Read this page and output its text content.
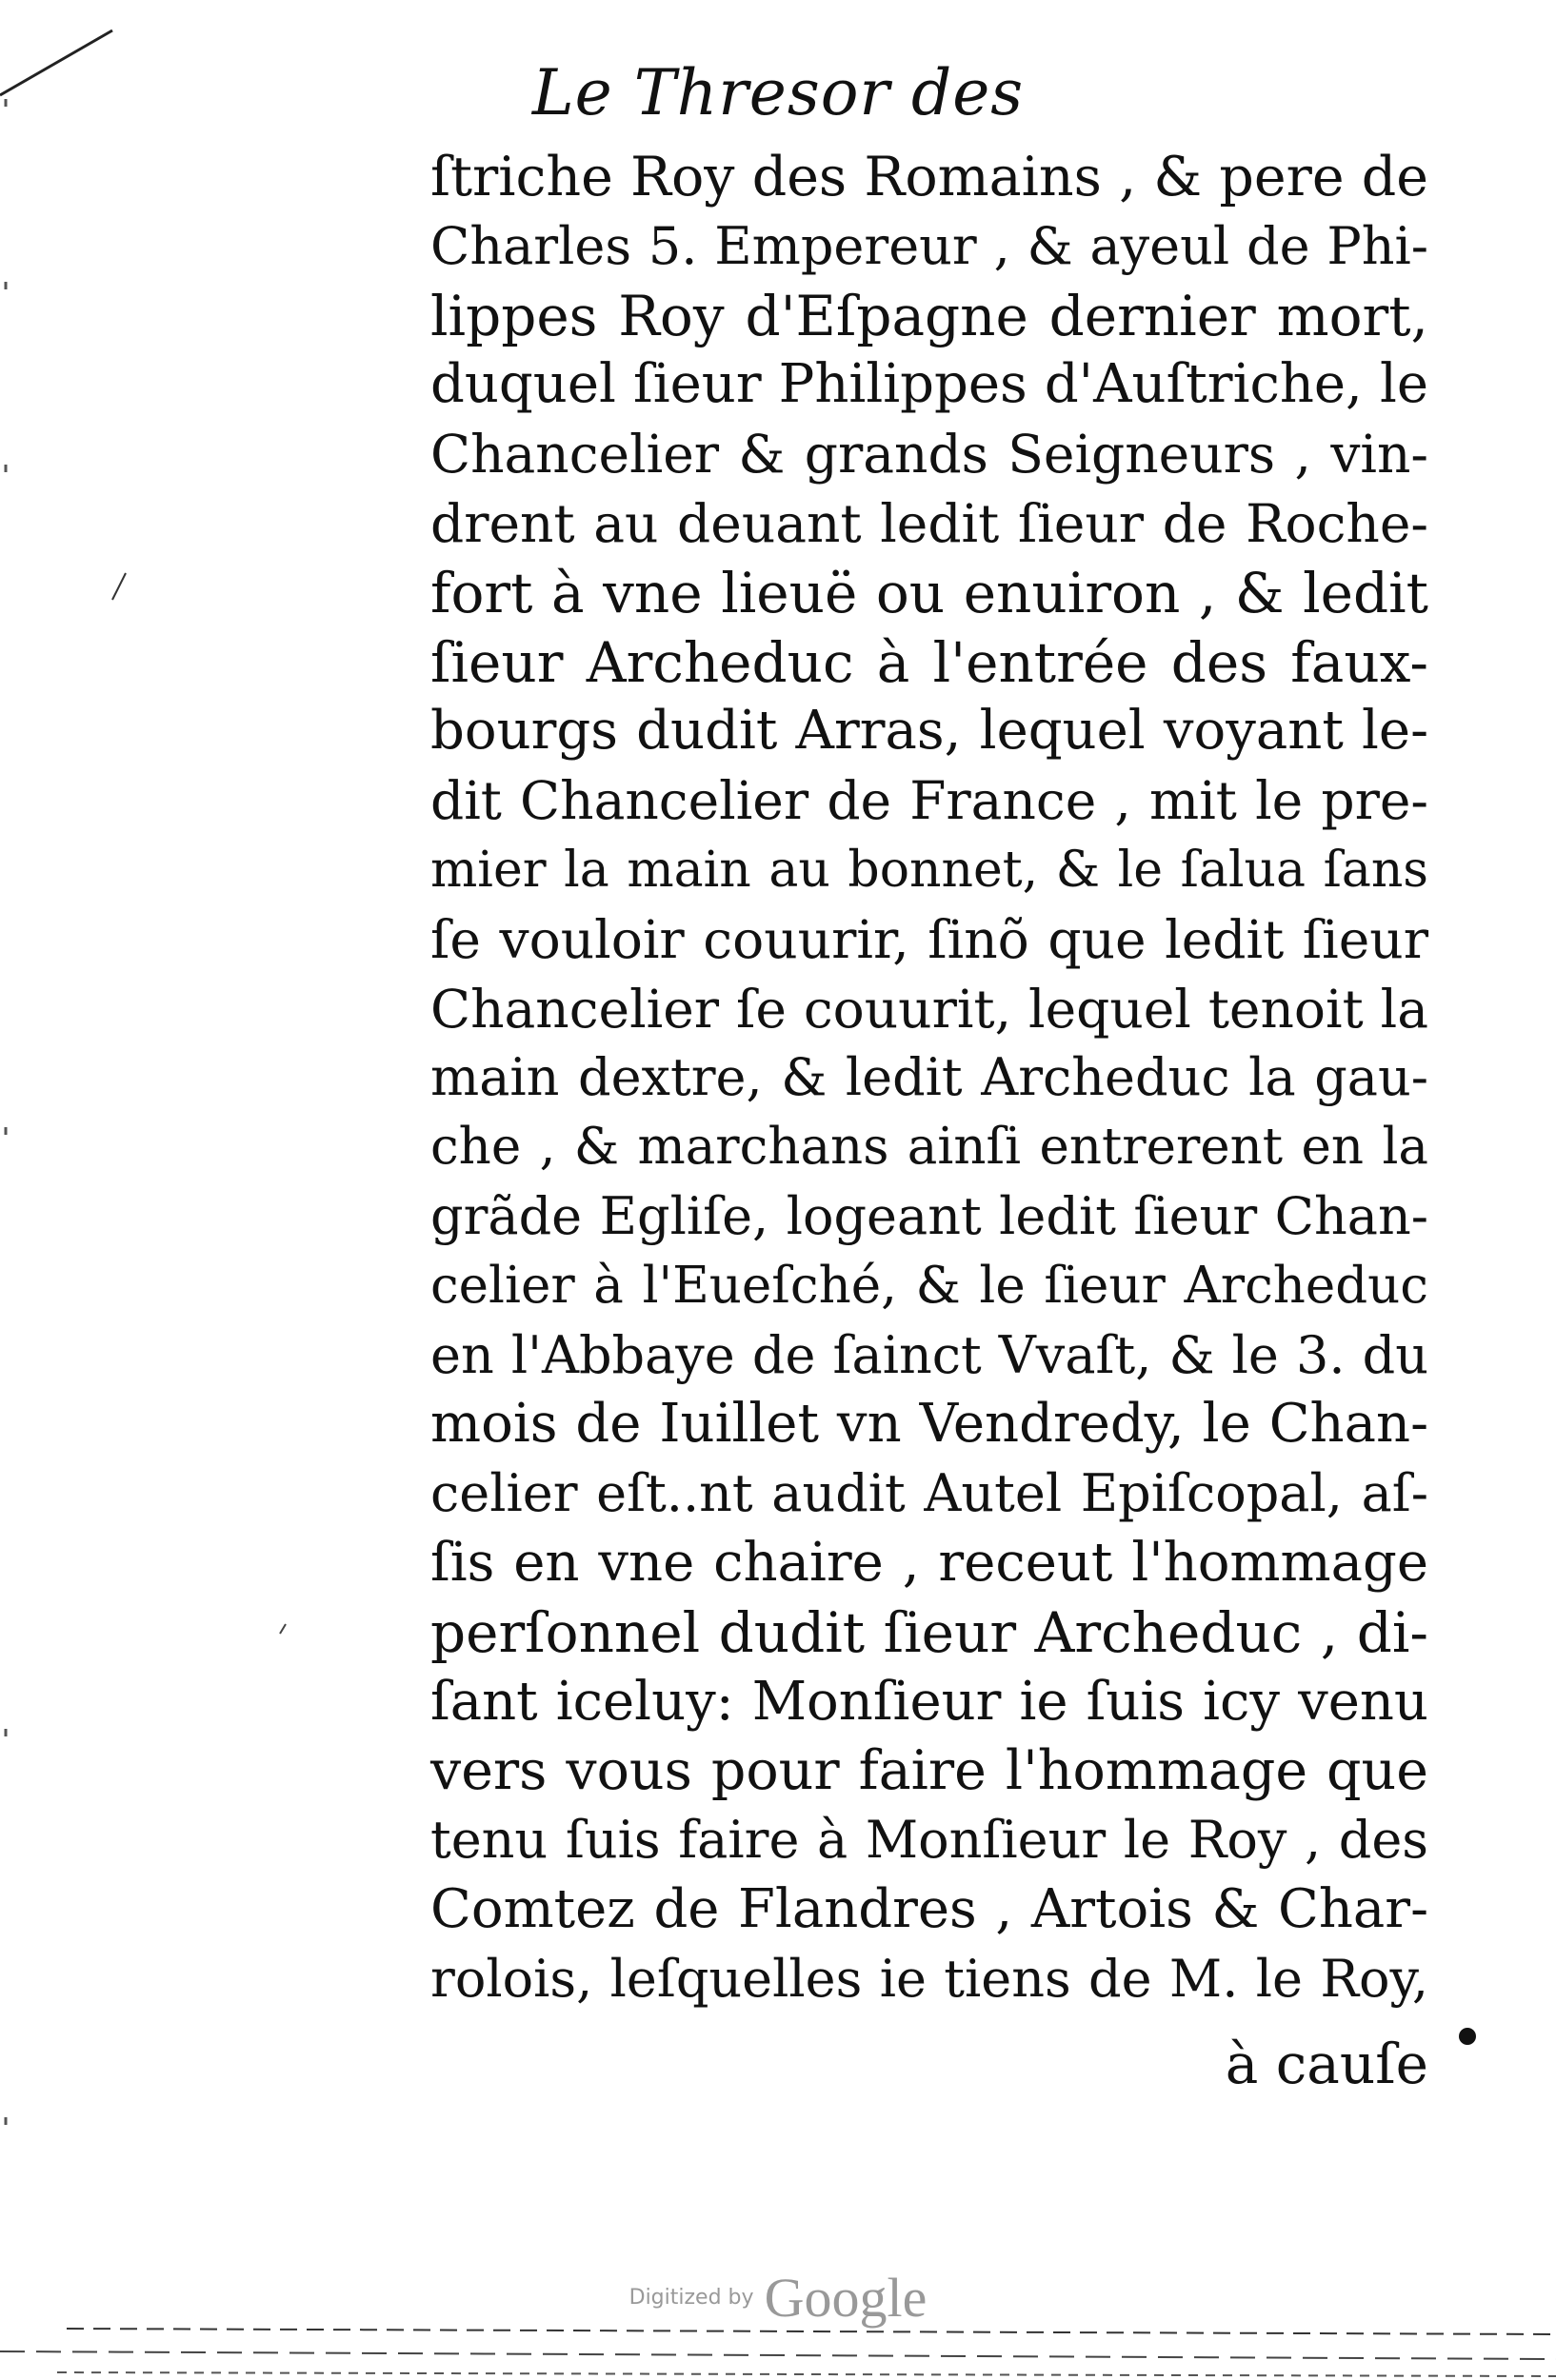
Le Thresor des
ſtriche Roy des Romains , & pere de
Charles 5. Empereur , & ayeul de Phi-
lippes Roy d'Eſpagne dernier mort,
duquel ſieur Philippes d'Auſtriche, le
Chancelier & grands Seigneurs , vin-
drent au deuant ledit ſieur de Roche-
fort à vne lieuë ou enuiron , & ledit
ſieur Archeduc à l'entrée des faux-
bourgs dudit Arras, lequel voyant le-
dit Chancelier de France , mit le pre-
mier la main au bonnet, & le ſalua ſans
ſe vouloir couurir, ſinõ que ledit ſieur
Chancelier ſe couurit, lequel tenoit la
main dextre, & ledit Archeduc la gau-
che , & marchans ainſi entrerent en la
grãde Egliſe, logeant ledit ſieur Chan-
celier à l'Eueſché, & le ſieur Archeduc
en l'Abbaye de ſainct Vvaſt, & le 3. du
mois de Iuillet vn Vendredy, le Chan-
celier eſt..nt audit Autel Epiſcopal, aſ-
ſis en vne chaire , receut l'hommage
perſonnel dudit ſieur Archeduc , di-
ſant iceluy: Monſieur ie ſuis icy venu
vers vous pour faire l'hommage que
tenu ſuis faire à Monſieur le Roy , des
Comtez de Flandres , Artois & Char-
rolois, leſquelles ie tiens de M. le Roy,
à cauſe
Digitized by Google
